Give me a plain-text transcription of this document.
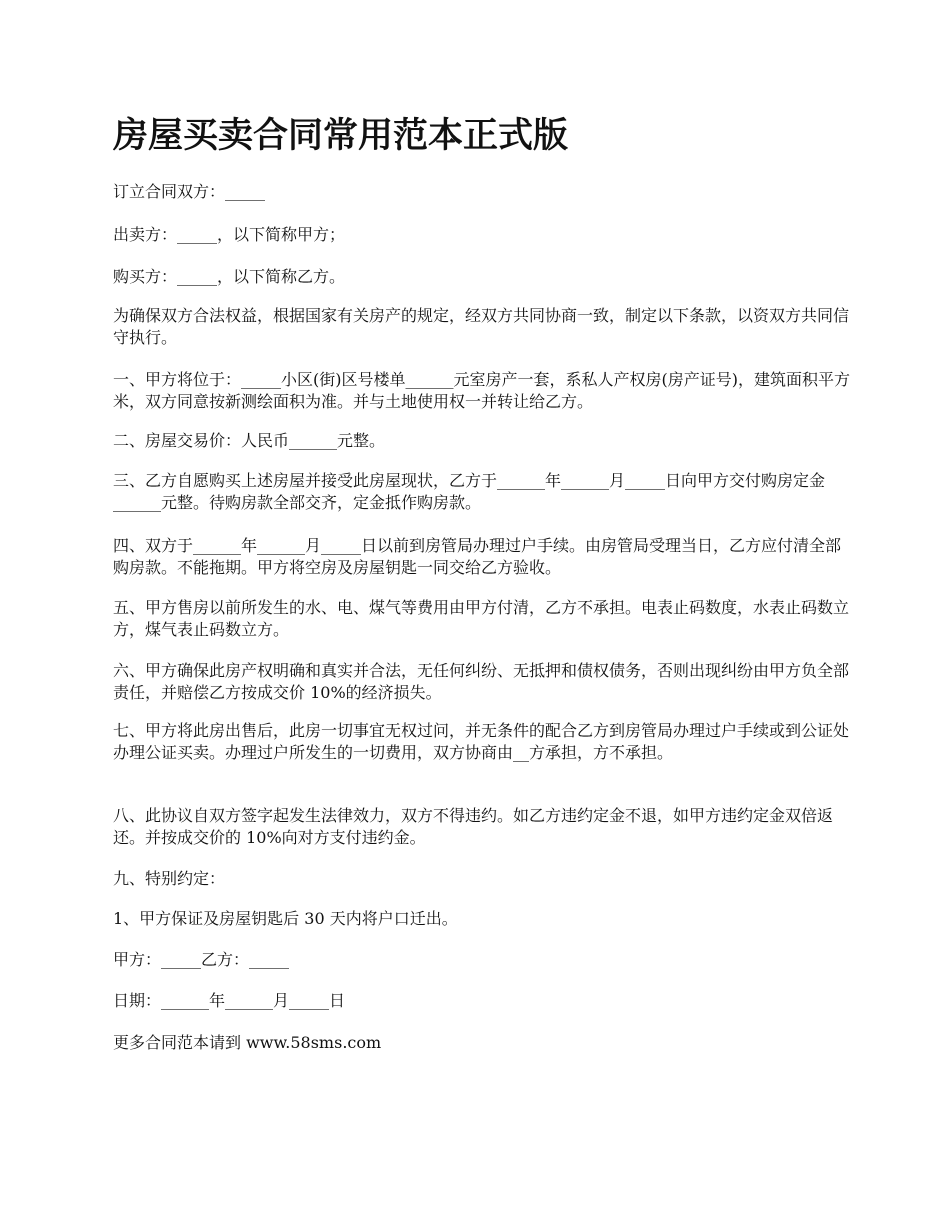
房屋买卖合同常用范本正式版

订立合同双方：_____

出卖方：_____，以下简称甲方；

购买方：_____，以下简称乙方。

为确保双方合法权益，根据国家有关房产的规定，经双方共同协商一致，制定以下条款，以资双方共同信守执行。

一、甲方将位于：_____小区(街)区号楼单______元室房产一套，系私人产权房(房产证号)，建筑面积平方米，双方同意按新测绘面积为准。并与土地使用权一并转让给乙方。

二、房屋交易价：人民币______元整。

三、乙方自愿购买上述房屋并接受此房屋现状，乙方于______年______月_____日向甲方交付购房定金______元整。待购房款全部交齐，定金抵作购房款。

四、双方于______年______月_____日以前到房管局办理过户手续。由房管局受理当日，乙方应付清全部购房款。不能拖期。甲方将空房及房屋钥匙一同交给乙方验收。

五、甲方售房以前所发生的水、电、煤气等费用由甲方付清，乙方不承担。电表止码数度，水表止码数立方，煤气表止码数立方。

六、甲方确保此房产权明确和真实并合法，无任何纠纷、无抵押和债权债务，否则出现纠纷由甲方负全部责任，并赔偿乙方按成交价 10%的经济损失。

七、甲方将此房出售后，此房一切事宜无权过问，并无条件的配合乙方到房管局办理过户手续或到公证处办理公证买卖。办理过户所发生的一切费用，双方协商由__方承担，方不承担。

八、此协议自双方签字起发生法律效力，双方不得违约。如乙方违约定金不退，如甲方违约定金双倍返还。并按成交价的 10%向对方支付违约金。

九、特别约定：

1、甲方保证及房屋钥匙后 30 天内将户口迁出。

甲方：_____乙方：_____

日期：______年______月_____日

更多合同范本请到 www.58sms.com
